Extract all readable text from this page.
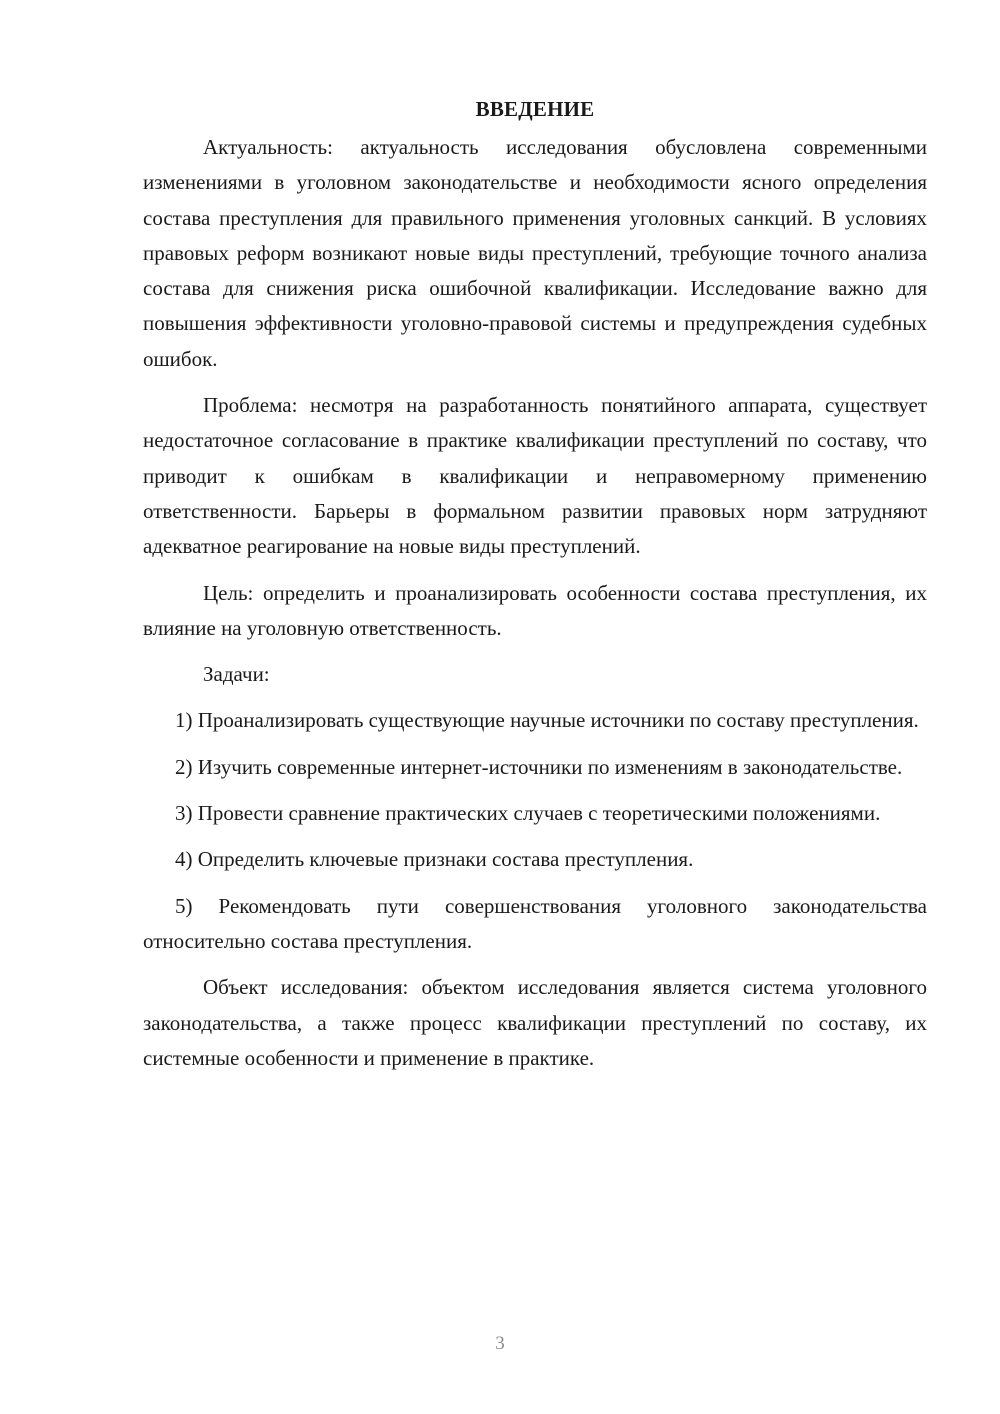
ВВЕДЕНИЕ

Актуальность: актуальность исследования обусловлена современными изменениями в уголовном законодательстве и необходимости ясного определения состава преступления для правильного применения уголовных санкций. В условиях правовых реформ возникают новые виды преступлений, требующие точного анализа состава для снижения риска ошибочной квалификации. Исследование важно для повышения эффективности уголовно-правовой системы и предупреждения судебных ошибок.

Проблема: несмотря на разработанность понятийного аппарата, существует недостаточное согласование в практике квалификации преступлений по составу, что приводит к ошибкам в квалификации и неправомерному применению ответственности. Барьеры в формальном развитии правовых норм затрудняют адекватное реагирование на новые виды преступлений.

Цель: определить и проанализировать особенности состава преступления, их влияние на уголовную ответственность.

Задачи:

1) Проанализировать существующие научные источники по составу преступления.

2) Изучить современные интернет-источники по изменениям в законодательстве.

3) Провести сравнение практических случаев с теоретическими положениями.

4) Определить ключевые признаки состава преступления.

5) Рекомендовать пути совершенствования уголовного законодательства относительно состава преступления.

Объект исследования: объектом исследования является система уголовного законодательства, а также процесс квалификации преступлений по составу, их системные особенности и применение в практике.

3
